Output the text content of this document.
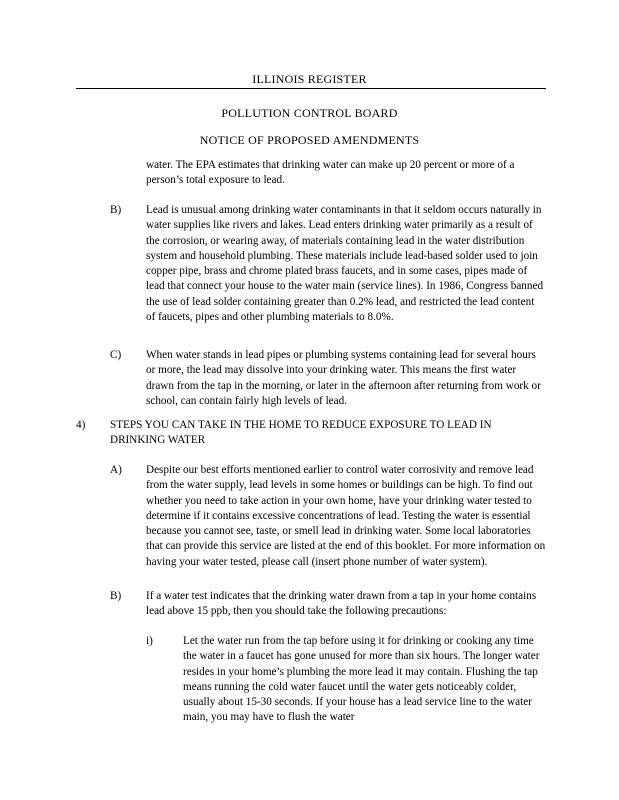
ILLINOIS REGISTER
POLLUTION CONTROL BOARD
NOTICE OF PROPOSED AMENDMENTS

water. The EPA estimates that drinking water can make up 20 percent or more of a person’s total exposure to lead.

B) Lead is unusual among drinking water contaminants in that it seldom occurs naturally in water supplies like rivers and lakes. Lead enters drinking water primarily as a result of the corrosion, or wearing away, of materials containing lead in the water distribution system and household plumbing. These materials include lead-based solder used to join copper pipe, brass and chrome plated brass faucets, and in some cases, pipes made of lead that connect your house to the water main (service lines). In 1986, Congress banned the use of lead solder containing greater than 0.2% lead, and restricted the lead content of faucets, pipes and other plumbing materials to 8.0%.

C) When water stands in lead pipes or plumbing systems containing lead for several hours or more, the lead may dissolve into your drinking water. This means the first water drawn from the tap in the morning, or later in the afternoon after returning from work or school, can contain fairly high levels of lead.

4) STEPS YOU CAN TAKE IN THE HOME TO REDUCE EXPOSURE TO LEAD IN DRINKING WATER

A) Despite our best efforts mentioned earlier to control water corrosivity and remove lead from the water supply, lead levels in some homes or buildings can be high. To find out whether you need to take action in your own home, have your drinking water tested to determine if it contains excessive concentrations of lead. Testing the water is essential because you cannot see, taste, or smell lead in drinking water. Some local laboratories that can provide this service are listed at the end of this booklet. For more information on having your water tested, please call (insert phone number of water system).

B) If a water test indicates that the drinking water drawn from a tap in your home contains lead above 15 ppb, then you should take the following precautions:

i)	Let the water run from the tap before using it for drinking or cooking any time the water in a faucet has gone unused for more than six hours. The longer water resides in your home’s plumbing the more lead it may contain. Flushing the tap means running the cold water faucet until the water gets noticeably colder, usually about 15-30 seconds. If your house has a lead service line to the water main, you may have to flush the water
